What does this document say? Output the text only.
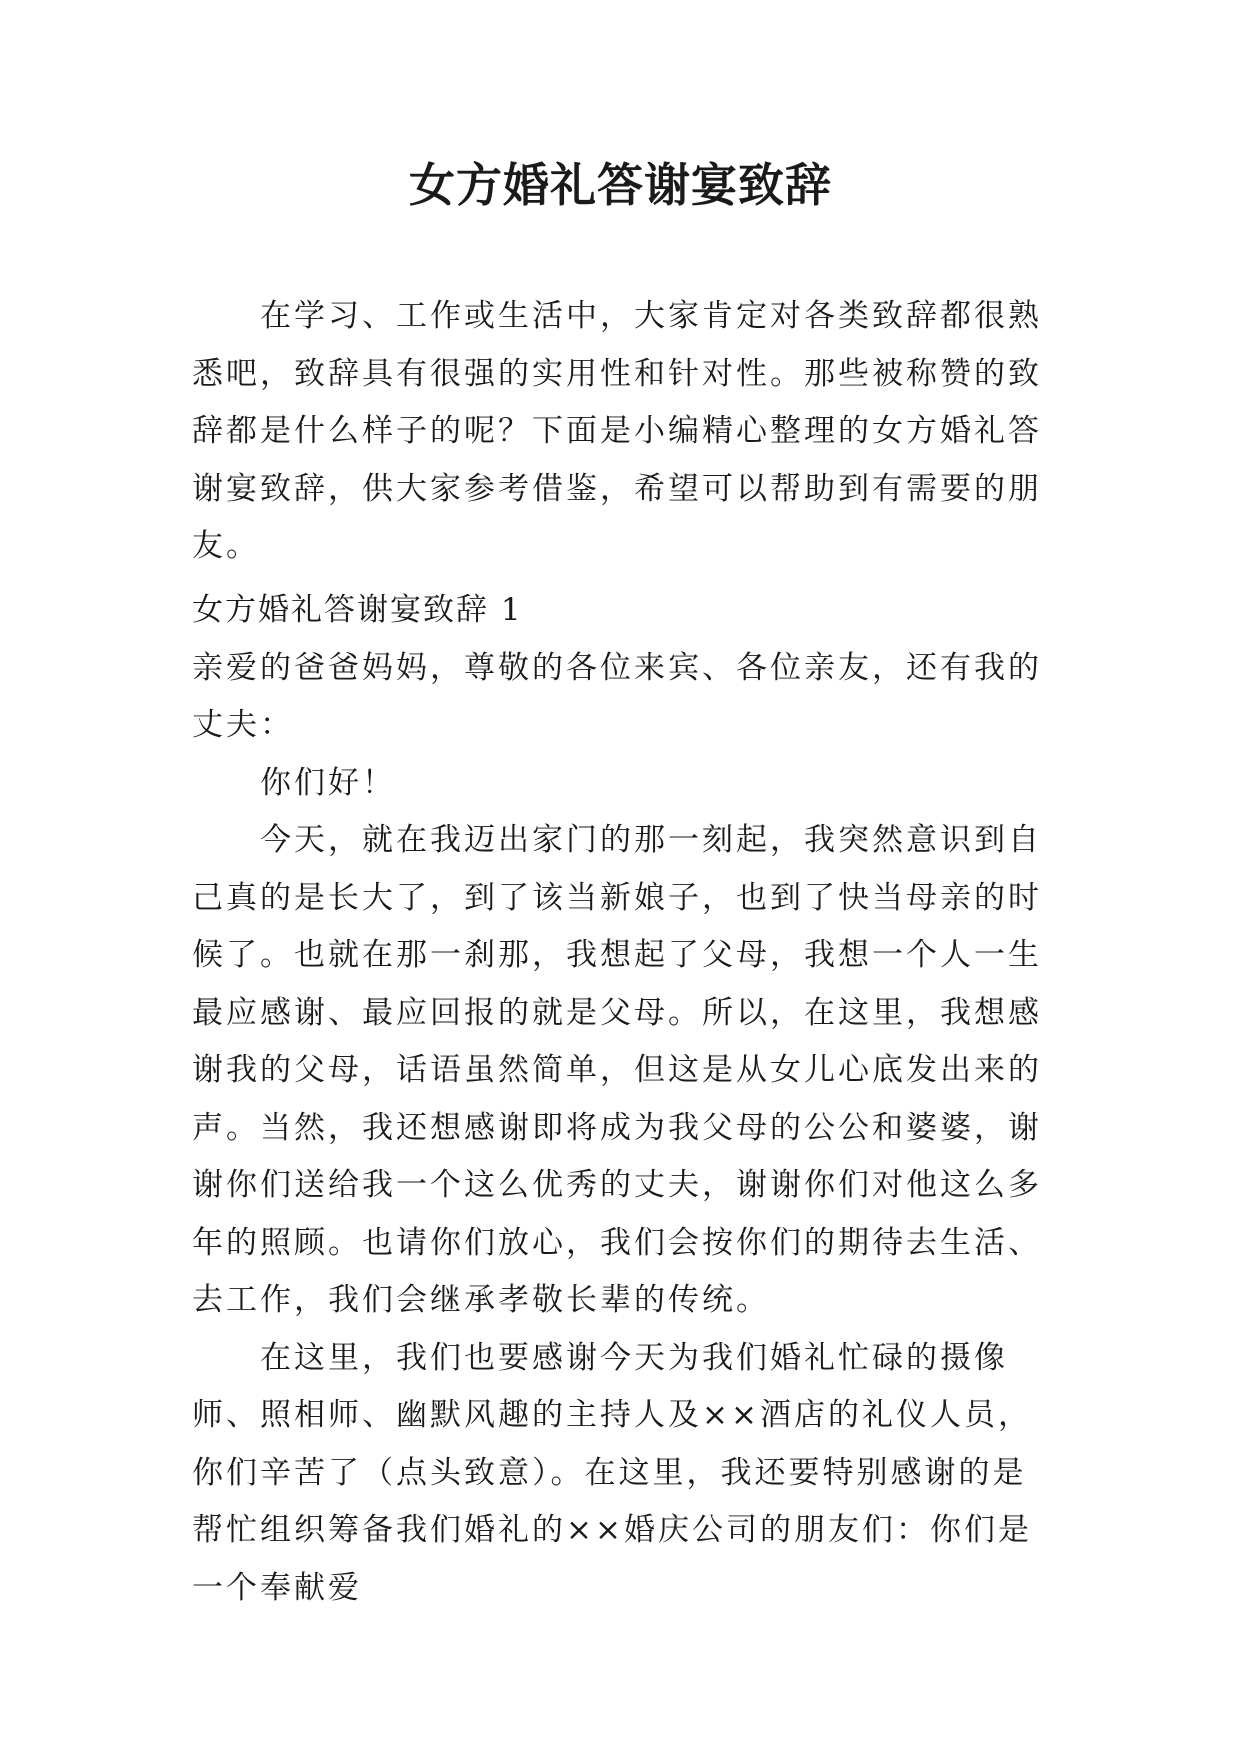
女方婚礼答谢宴致辞

在学习、工作或生活中，大家肯定对各类致辞都很熟悉吧，致辞具有很强的实用性和针对性。那些被称赞的致辞都是什么样子的呢？下面是小编精心整理的女方婚礼答谢宴致辞，供大家参考借鉴，希望可以帮助到有需要的朋友。

女方婚礼答谢宴致辞 1

亲爱的爸爸妈妈，尊敬的各位来宾、各位亲友，还有我的丈夫：

你们好！

今天，就在我迈出家门的那一刻起，我突然意识到自己真的是长大了，到了该当新娘子，也到了快当母亲的时候了。也就在那一刹那，我想起了父母，我想一个人一生最应感谢、最应回报的就是父母。所以，在这里，我想感谢我的父母，话语虽然简单，但这是从女儿心底发出来的声。当然，我还想感谢即将成为我父母的公公和婆婆，谢谢你们送给我一个这么优秀的丈夫，谢谢你们对他这么多年的照顾。也请你们放心，我们会按你们的期待去生活、去工作，我们会继承孝敬长辈的传统。

在这里，我们也要感谢今天为我们婚礼忙碌的摄像师、照相师、幽默风趣的主持人及××酒店的礼仪人员，你们辛苦了（点头致意）。在这里，我还要特别感谢的是帮忙组织筹备我们婚礼的××婚庆公司的朋友们：你们是一个奉献爱
